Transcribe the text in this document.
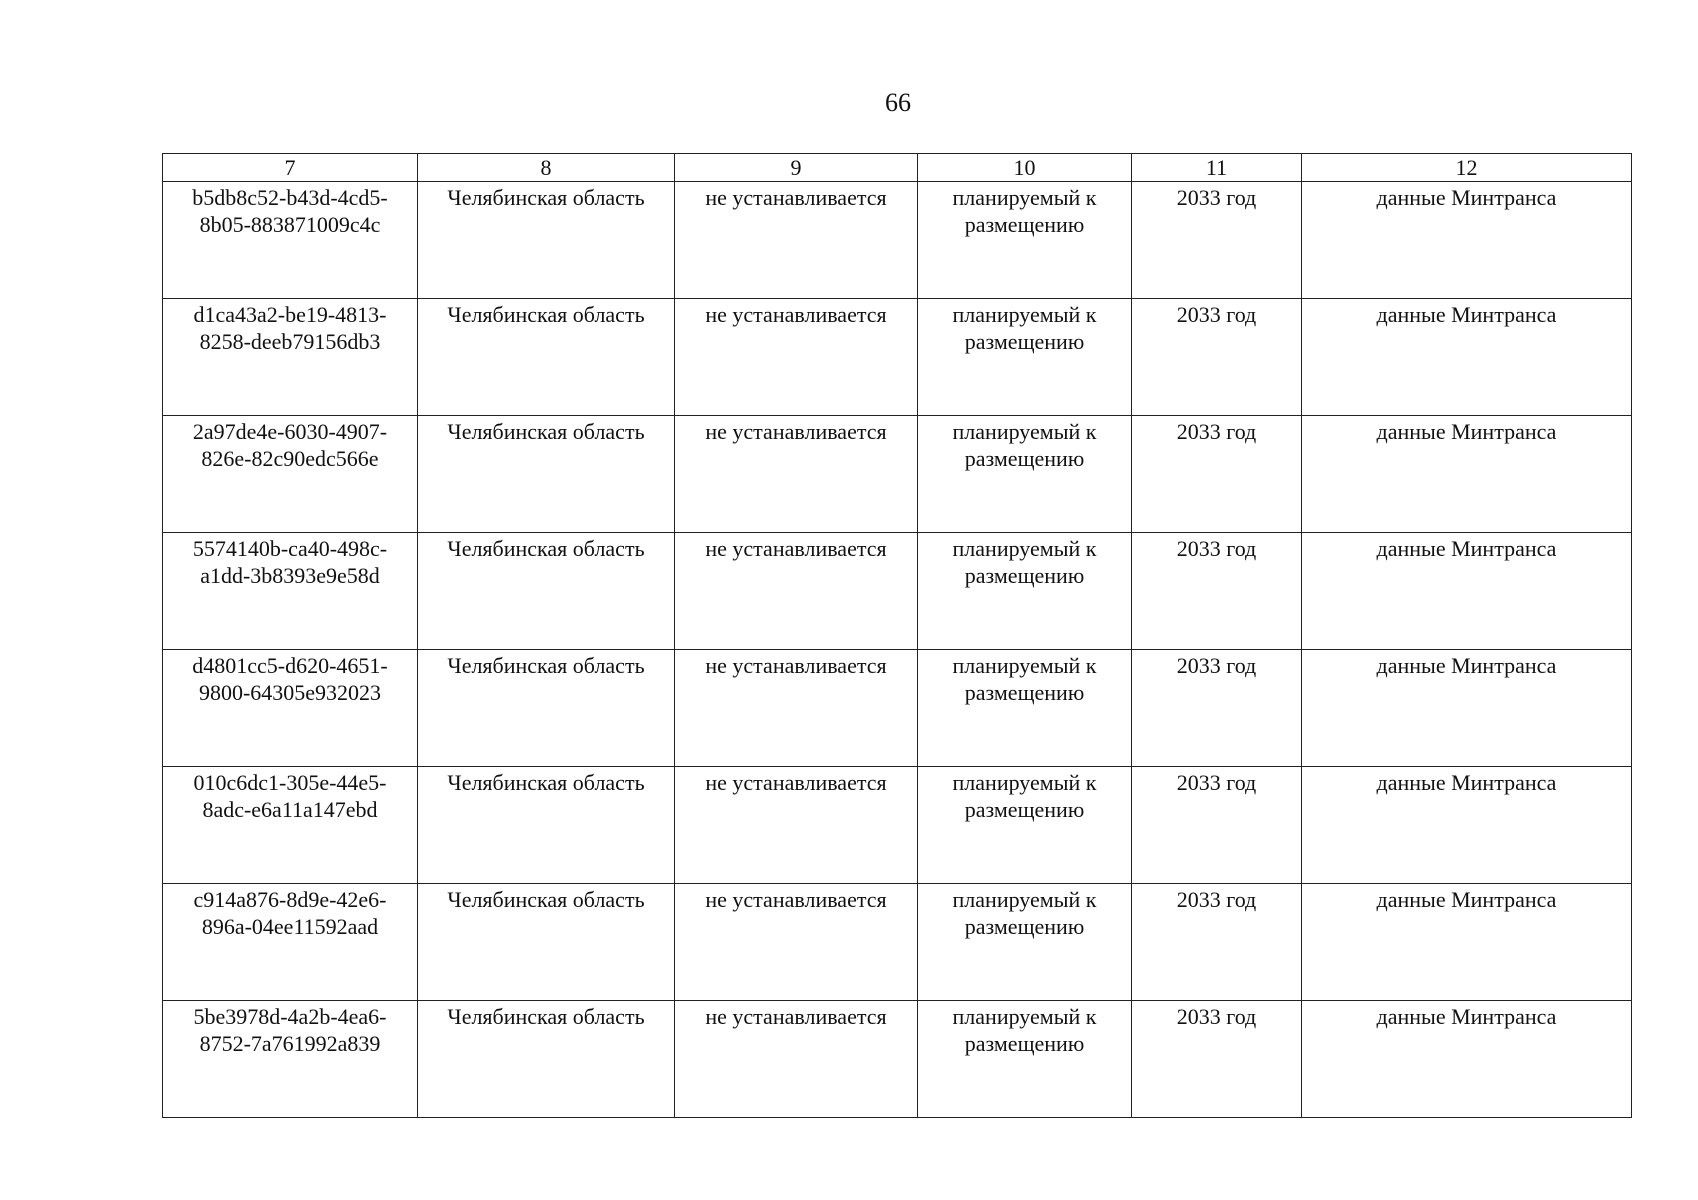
66
7	8	9	10	11	12

b5db8c52-b43d-4cd5-
8b05-883871009c4c	Челябинская область	не устанавливается	планируемый к
размещению	2033 год	данные Минтранса

d1ca43a2-be19-4813-
8258-deeb79156db3	Челябинская область	не устанавливается	планируемый к
размещению	2033 год	данные Минтранса

2a97de4e-6030-4907-
826e-82c90edc566e	Челябинская область	не устанавливается	планируемый к
размещению	2033 год	данные Минтранса

5574140b-ca40-498c-
a1dd-3b8393e9e58d	Челябинская область	не устанавливается	планируемый к
размещению	2033 год	данные Минтранса

d4801cc5-d620-4651-
9800-64305e932023	Челябинская область	не устанавливается	планируемый к
размещению	2033 год	данные Минтранса

010c6dc1-305e-44e5-
8adc-e6a11a147ebd	Челябинская область	не устанавливается	планируемый к
размещению	2033 год	данные Минтранса

c914a876-8d9e-42e6-
896a-04ee11592aad	Челябинская область	не устанавливается	планируемый к
размещению	2033 год	данные Минтранса

5be3978d-4a2b-4ea6-
8752-7a761992a839	Челябинская область	не устанавливается	планируемый к
размещению	2033 год	данные Минтранса
